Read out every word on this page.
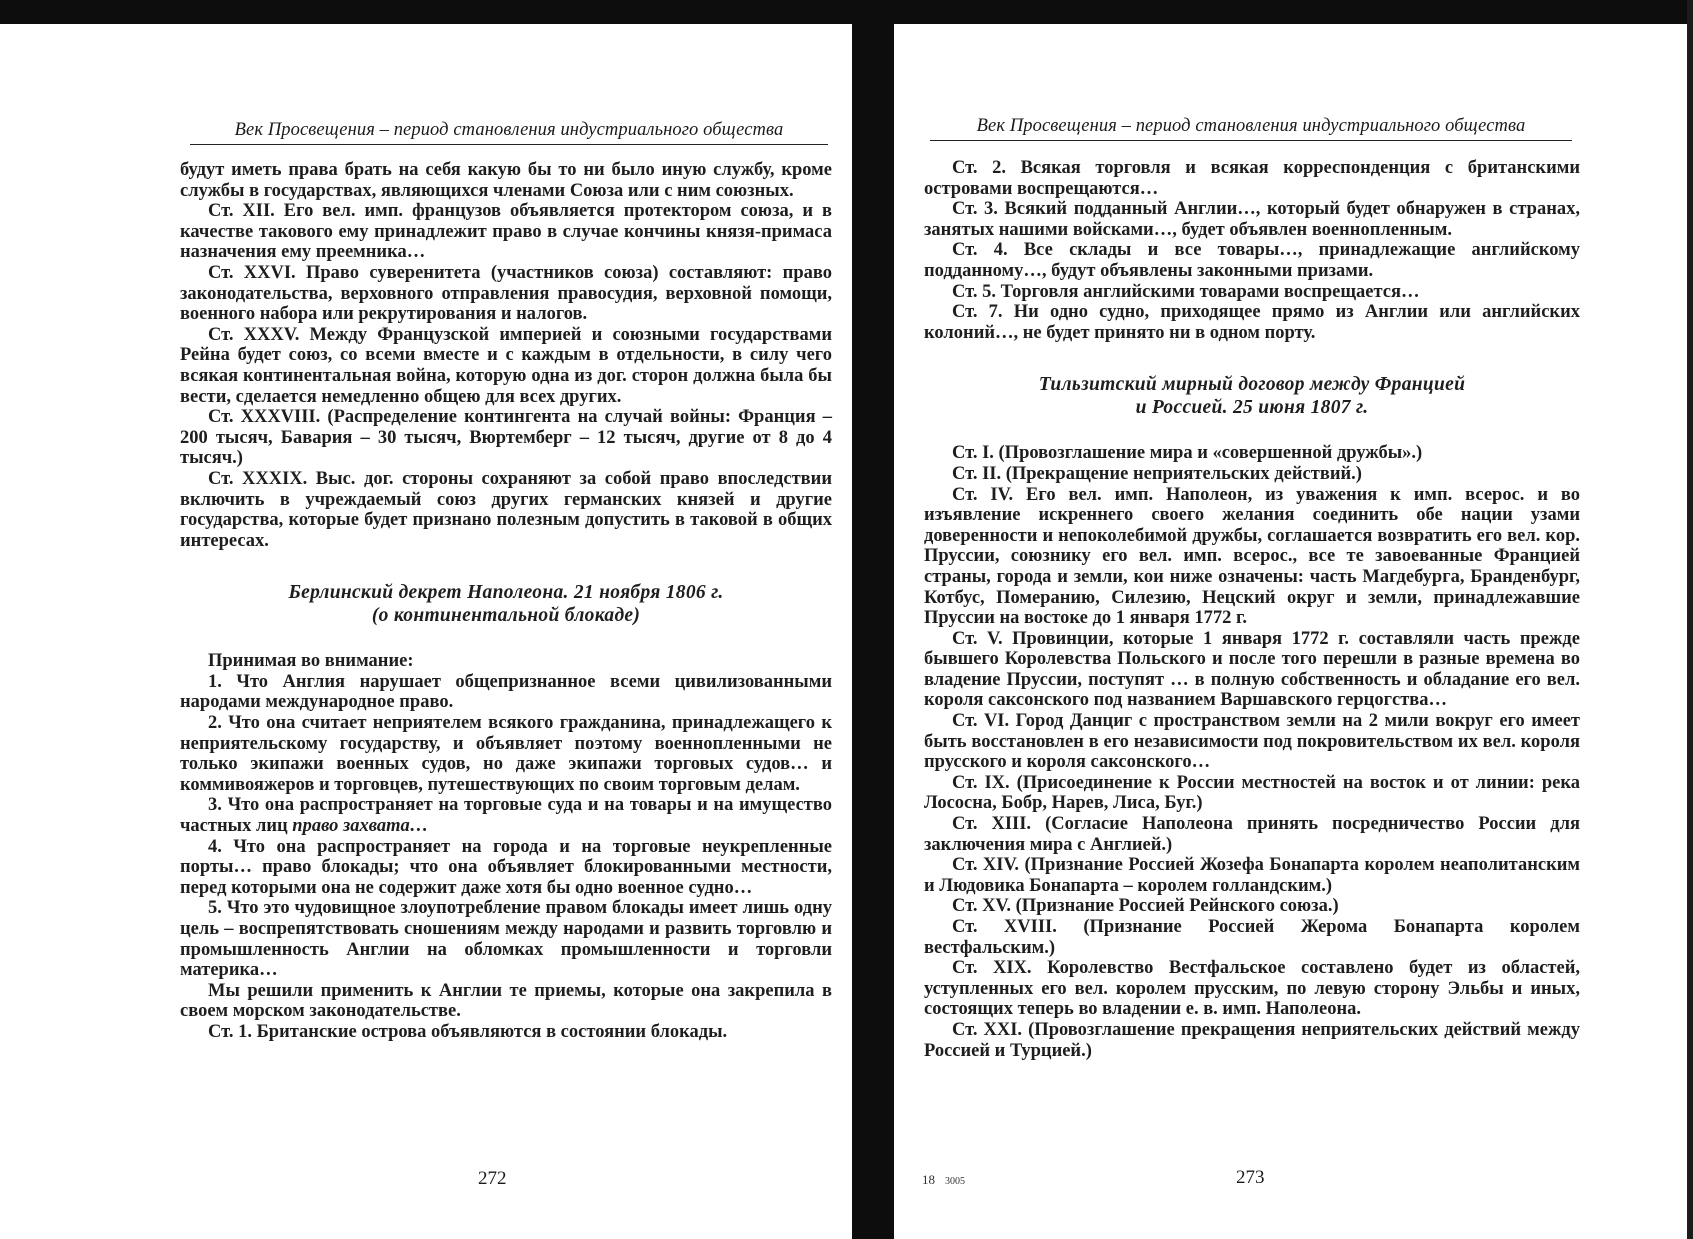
Век Просвещения – период становления индустриального общества

будут иметь права брать на себя какую бы то ни было иную службу, кроме службы в государствах, являющихся членами Союза или с ним союзных.

Ст. XII. Его вел. имп. французов объявляется протектором союза, и в качестве такового ему принадлежит право в случае кончины князя-примаса назначения ему преемника…

Ст. XXVI. Право суверенитета (участников союза) составляют: право законодательства, верховного отправления правосудия, верховной помощи, военного набора или рекрутирования и налогов.

Ст. XXXV. Между Французской империей и союзными государствами Рейна будет союз, со всеми вместе и с каждым в отдельности, в силу чего всякая континентальная война, которую одна из дог. сторон должна была бы вести, сделается немедленно общею для всех других.

Ст. XXXVIII. (Распределение контингента на случай войны: Франция – 200 тысяч, Бавария – 30 тысяч, Вюртемберг – 12 тысяч, другие от 8 до 4 тысяч.)

Ст. XXXIX. Выс. дог. стороны сохраняют за собой право впоследствии включить в учреждаемый союз других германских князей и другие государства, которые будет признано полезным допустить в таковой в общих интересах.

Берлинский декрет Наполеона. 21 ноября 1806 г.
(о континентальной блокаде)

Принимая во внимание:

1. Что Англия нарушает общепризнанное всеми цивилизованными народами международное право.

2. Что она считает неприятелем всякого гражданина, принадлежащего к неприятельскому государству, и объявляет поэтому военнопленными не только экипажи военных судов, но даже экипажи торговых судов… и коммивояжеров и торговцев, путешествующих по своим торговым делам.

3. Что она распространяет на торговые суда и на товары и на имущество частных лиц право захвата…

4. Что она распространяет на города и на торговые неукрепленные порты… право блокады; что она объявляет блокированными местности, перед которыми она не содержит даже хотя бы одно военное судно…

5. Что это чудовищное злоупотребление правом блокады имеет лишь одну цель – воспрепятствовать сношениям между народами и развить торговлю и промышленность Англии на обломках промышленности и торговли материка…

Мы решили применить к Англии те приемы, которые она закрепила в своем морском законодательстве.

Ст. 1. Британские острова объявляются в состоянии блокады.

272
Век Просвещения – период становления индустриального общества

Ст. 2. Всякая торговля и всякая корреспонденция с британскими островами воспрещаются…

Ст. 3. Всякий подданный Англии…, который будет обнаружен в странах, занятых нашими войсками…, будет объявлен военнопленным.

Ст. 4. Все склады и все товары…, принадлежащие английскому подданному…, будут объявлены законными призами.

Ст. 5. Торговля английскими товарами воспрещается…

Ст. 7. Ни одно судно, приходящее прямо из Англии или английских колоний…, не будет принято ни в одном порту.

Тильзитский мирный договор между Францией
и Россией. 25 июня 1807 г.

Ст. I. (Провозглашение мира и «совершенной дружбы».)

Ст. II. (Прекращение неприятельских действий.)

Ст. IV. Его вел. имп. Наполеон, из уважения к имп. всерос. и во изъявление искреннего своего желания соединить обе нации узами доверенности и непоколебимой дружбы, соглашается возвратить его вел. кор. Пруссии, союзнику его вел. имп. всерос., все те завоеванные Францией страны, города и земли, кои ниже означены: часть Магдебурга, Бранденбург, Котбус, Померанию, Силезию, Нецский округ и земли, принадлежавшие Пруссии на востоке до 1 января 1772 г.

Ст. V. Провинции, которые 1 января 1772 г. составляли часть прежде бывшего Королевства Польского и после того перешли в разные времена во владение Пруссии, поступят … в полную собственность и обладание его вел. короля саксонского под названием Варшавского герцогства…

Ст. VI. Город Данциг с пространством земли на 2 мили вокруг его имеет быть восстановлен в его независимости под покровительством их вел. короля прусского и короля саксонского…

Ст. IX. (Присоединение к России местностей на восток и от линии: река Лососна, Бобр, Нарев, Лиса, Буг.)

Ст. XIII. (Согласие Наполеона принять посредничество России для заключения мира с Англией.)

Ст. XIV. (Признание Россией Жозефа Бонапарта королем неаполитанским и Людовика Бонапарта – королем голландским.)

Ст. XV. (Признание Россией Рейнского союза.)

Ст. XVIII. (Признание Россией Жерома Бонапарта королем вестфальским.)

Ст. XIX. Королевство Вестфальское составлено будет из областей, уступленных его вел. королем прусским, по левую сторону Эльбы и иных, состоящих теперь во владении е. в. имп. Наполеона.

Ст. XXI. (Провозглашение прекращения неприятельских действий между Россией и Турцией.)

18 3005	273
